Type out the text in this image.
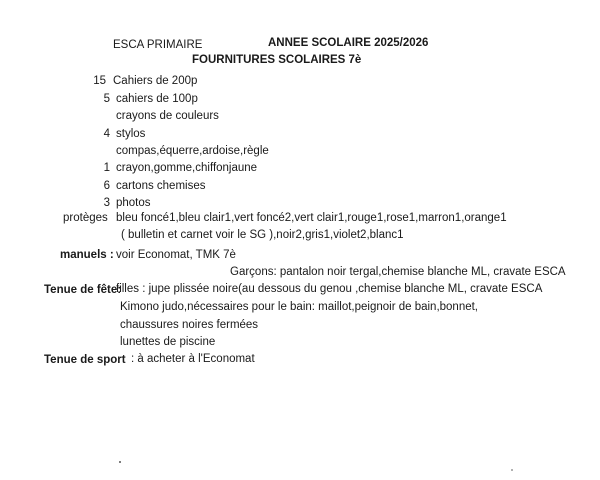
ESCA PRIMAIRE	ANNEE SCOLAIRE 2025/2026
FOURNITURES SCOLAIRES 7è
15 Cahiers de 200p
5 cahiers de 100p
crayons de couleurs
4 stylos
compas,équerre,ardoise,règle
1 crayon,gomme,chiffonjaune
6 cartons chemises
3 photos
protèges bleu foncé1,bleu clair1,vert foncé2,vert clair1,rouge1,rose1,marron1,orange1
( bulletin et carnet voir le SG ),noir2,gris1,violet2,blanc1
manuels : voir Economat, TMK 7è
Garçons: pantalon noir tergal,chemise blanche ML, cravate ESCA
Tenue de fête:
filles : jupe plissée noire(au dessous du genou ,chemise blanche ML, cravate ESCA
Kimono judo,nécessaires pour le bain: maillot,peignoir de bain,bonnet,
chaussures noires fermées
lunettes de piscine
Tenue de sport : à acheter à l'Economat
